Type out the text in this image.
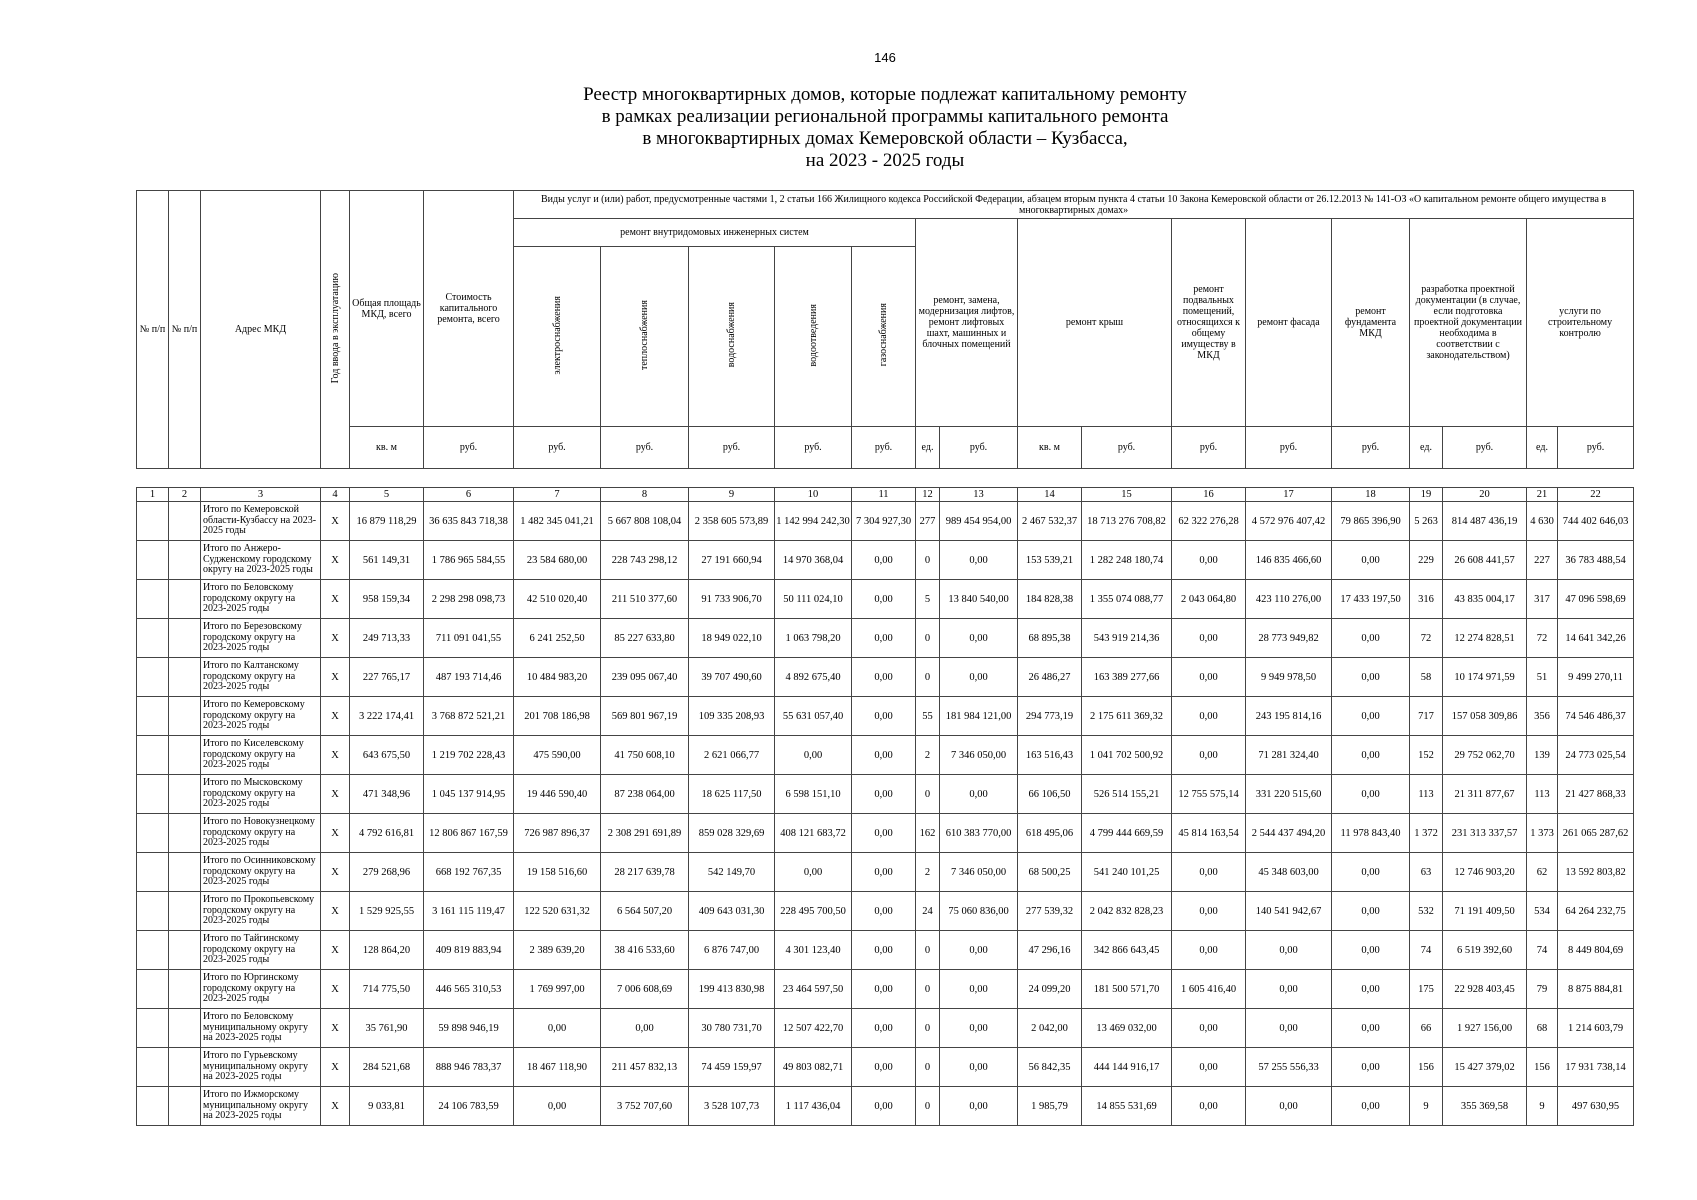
146
Реестр многоквартирных домов, которые подлежат капитальному ремонту
в рамках реализации региональной программы капитального ремонта
в многоквартирных домах Кемеровской области – Кузбасса,
на 2023 - 2025 годы
№ п/п	№ п/п	Адрес МКД	Год ввода в эксплуатацию	Общая площадь МКД, всего	Стоимость капитального ремонта, всего	Виды услуг и (или) работ, предусмотренные частями 1, 2 статьи 166 Жилищного кодекса Российской Федерации, абзацем вторым пункта 4 статьи 10 Закона Кемеровской области от 26.12.2013 № 141-ОЗ «О капитальном ремонте общего имущества в многоквартирных домах»															
						ремонт внутридомовых инженерных систем					ремонт, замена, модернизация лифтов, ремонт лифтовых шахт, машинных и блочных помещений		ремонт крыш		ремонт подвальных помещений, относящихся к общему имуществу в МКД	ремонт фасада	ремонт фундамента МКД	разработка проектной документации (в случае, если подготовка проектной документации необходима в соответствии с законодательством)		услуги по строительному контролю	
						электроснабжения	теплоснабжения	водоснабжения	водоотведения	газоснабжения											
				кв. м	руб.	руб.	руб.	руб.	руб.	руб.	ед.	руб.	кв. м	руб.	руб.	руб.	руб.	ед.	руб.	ед.	руб.
1	2	3	4	5	6	7	8	9	10	11	12	13	14	15	16	17	18	19	20	21	22
		Итого по Кемеровской области-Кузбассу на 2023-2025 годы	X	16 879 118,29	36 635 843 718,38	1 482 345 041,21	5 667 808 108,04	2 358 605 573,89	1 142 994 242,30	7 304 927,30	277	989 454 954,00	2 467 532,37	18 713 276 708,82	62 322 276,28	4 572 976 407,42	79 865 396,90	5 263	814 487 436,19	4 630	744 402 646,03
		Итого по Анжеро-Судженскому городскому округу на 2023-2025 годы	X	561 149,31	1 786 965 584,55	23 584 680,00	228 743 298,12	27 191 660,94	14 970 368,04	0,00	0	0,00	153 539,21	1 282 248 180,74	0,00	146 835 466,60	0,00	229	26 608 441,57	227	36 783 488,54
		Итого по Беловскому городскому округу на 2023-2025 годы	X	958 159,34	2 298 298 098,73	42 510 020,40	211 510 377,60	91 733 906,70	50 111 024,10	0,00	5	13 840 540,00	184 828,38	1 355 074 088,77	2 043 064,80	423 110 276,00	17 433 197,50	316	43 835 004,17	317	47 096 598,69
		Итого по Березовскому городскому округу на 2023-2025 годы	X	249 713,33	711 091 041,55	6 241 252,50	85 227 633,80	18 949 022,10	1 063 798,20	0,00	0	0,00	68 895,38	543 919 214,36	0,00	28 773 949,82	0,00	72	12 274 828,51	72	14 641 342,26
		Итого по Калтанскому городскому округу на 2023-2025 годы	X	227 765,17	487 193 714,46	10 484 983,20	239 095 067,40	39 707 490,60	4 892 675,40	0,00	0	0,00	26 486,27	163 389 277,66	0,00	9 949 978,50	0,00	58	10 174 971,59	51	9 499 270,11
		Итого по Кемеровскому городскому округу на 2023-2025 годы	X	3 222 174,41	3 768 872 521,21	201 708 186,98	569 801 967,19	109 335 208,93	55 631 057,40	0,00	55	181 984 121,00	294 773,19	2 175 611 369,32	0,00	243 195 814,16	0,00	717	157 058 309,86	356	74 546 486,37
		Итого по Киселевскому городскому округу на 2023-2025 годы	X	643 675,50	1 219 702 228,43	475 590,00	41 750 608,10	2 621 066,77	0,00	0,00	2	7 346 050,00	163 516,43	1 041 702 500,92	0,00	71 281 324,40	0,00	152	29 752 062,70	139	24 773 025,54
		Итого по Мысковскому городскому округу на 2023-2025 годы	X	471 348,96	1 045 137 914,95	19 446 590,40	87 238 064,00	18 625 117,50	6 598 151,10	0,00	0	0,00	66 106,50	526 514 155,21	12 755 575,14	331 220 515,60	0,00	113	21 311 877,67	113	21 427 868,33
		Итого по Новокузнецкому городскому округу на 2023-2025 годы	X	4 792 616,81	12 806 867 167,59	726 987 896,37	2 308 291 691,89	859 028 329,69	408 121 683,72	0,00	162	610 383 770,00	618 495,06	4 799 444 669,59	45 814 163,54	2 544 437 494,20	11 978 843,40	1 372	231 313 337,57	1 373	261 065 287,62
		Итого по Осинниковскому городскому округу на 2023-2025 годы	X	279 268,96	668 192 767,35	19 158 516,60	28 217 639,78	542 149,70	0,00	0,00	2	7 346 050,00	68 500,25	541 240 101,25	0,00	45 348 603,00	0,00	63	12 746 903,20	62	13 592 803,82
		Итого по Прокопьевскому городскому округу на 2023-2025 годы	X	1 529 925,55	3 161 115 119,47	122 520 631,32	6 564 507,20	409 643 031,30	228 495 700,50	0,00	24	75 060 836,00	277 539,32	2 042 832 828,23	0,00	140 541 942,67	0,00	532	71 191 409,50	534	64 264 232,75
		Итого по Тайгинскому городскому округу на 2023-2025 годы	X	128 864,20	409 819 883,94	2 389 639,20	38 416 533,60	6 876 747,00	4 301 123,40	0,00	0	0,00	47 296,16	342 866 643,45	0,00	0,00	0,00	74	6 519 392,60	74	8 449 804,69
		Итого по Юргинскому городскому округу на 2023-2025 годы	X	714 775,50	446 565 310,53	1 769 997,00	7 006 608,69	199 413 830,98	23 464 597,50	0,00	0	0,00	24 099,20	181 500 571,70	1 605 416,40	0,00	0,00	175	22 928 403,45	79	8 875 884,81
		Итого по Беловскому муниципальному округу на 2023-2025 годы	X	35 761,90	59 898 946,19	0,00	0,00	30 780 731,70	12 507 422,70	0,00	0	0,00	2 042,00	13 469 032,00	0,00	0,00	0,00	66	1 927 156,00	68	1 214 603,79
		Итого по Гурьевскому муниципальному округу на 2023-2025 годы	X	284 521,68	888 946 783,37	18 467 118,90	211 457 832,13	74 459 159,97	49 803 082,71	0,00	0	0,00	56 842,35	444 144 916,17	0,00	57 255 556,33	0,00	156	15 427 379,02	156	17 931 738,14
		Итого по Ижморскому муниципальному округу на 2023-2025 годы	X	9 033,81	24 106 783,59	0,00	3 752 707,60	3 528 107,73	1 117 436,04	0,00	0	0,00	1 985,79	14 855 531,69	0,00	0,00	0,00	9	355 369,58	9	497 630,95
